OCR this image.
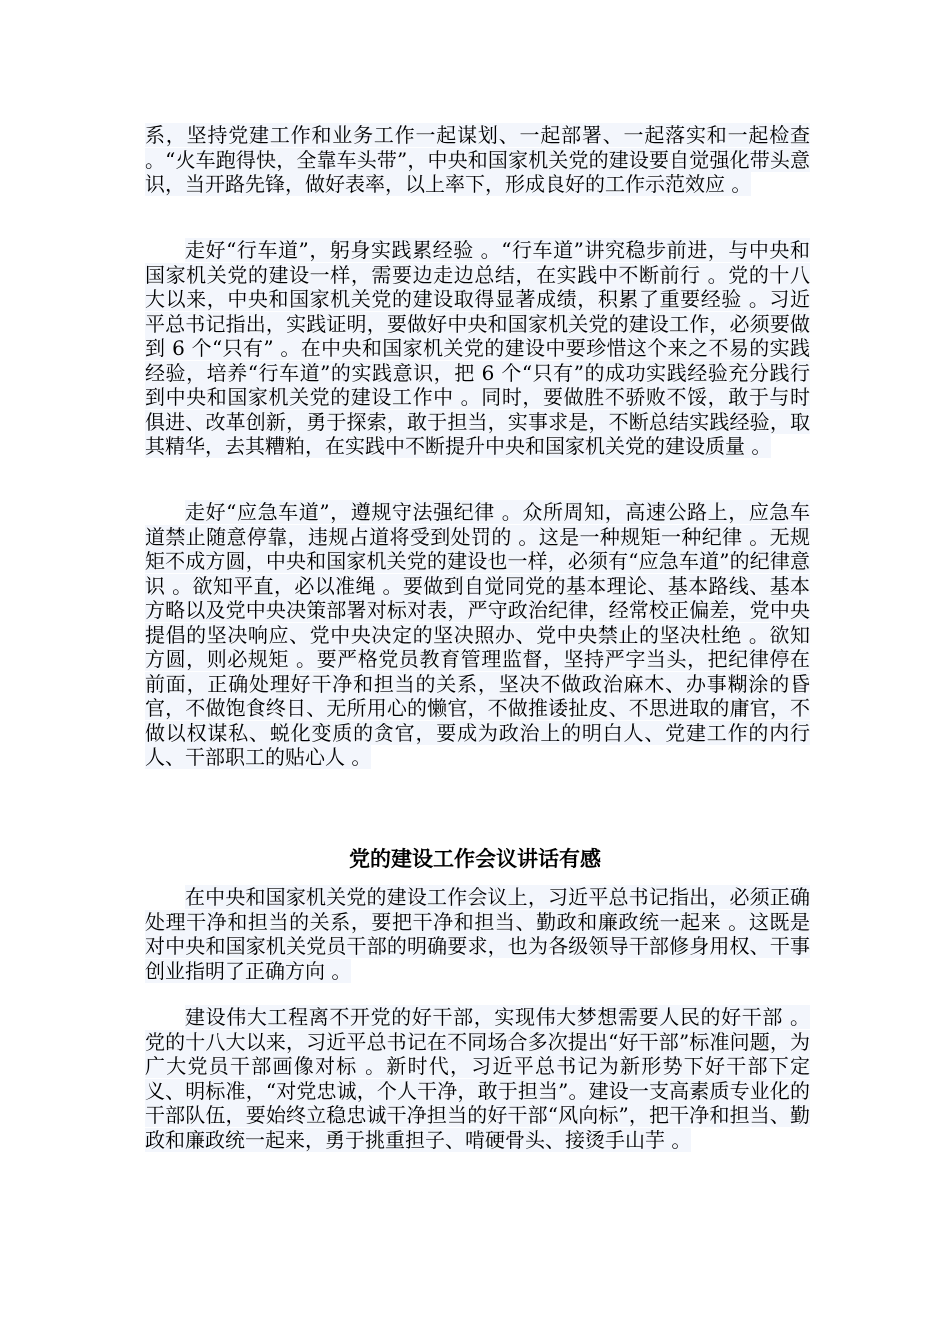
系，坚持党建工作和业务工作一起谋划、一起部署、一起落实和一起检查 。“火车跑得快，全靠车头带”，中央和国家机关党的建设要自觉强化带头意识，当开路先锋，做好表率，以上率下，形成良好的工作示范效应 。
走好“行车道”，躬身实践累经验 。“行车道”讲究稳步前进，与中央和国家机关党的建设一样，需要边走边总结，在实践中不断前行 。党的十八大以来，中央和国家机关党的建设取得显著成绩，积累了重要经验 。习近平总书记指出，实践证明，要做好中央和国家机关党的建设工作，必须要做到 6 个“只有” 。在中央和国家机关党的建设中要珍惜这个来之不易的实践经验，培养“行车道”的实践意识，把 6 个“只有”的成功实践经验充分践行到中央和国家机关党的建设工作中 。同时，要做胜不骄败不馁，敢于与时俱进、改革创新，勇于探索，敢于担当，实事求是，不断总结实践经验，取其精华，去其糟粕，在实践中不断提升中央和国家机关党的建设质量 。
走好“应急车道”，遵规守法强纪律 。众所周知，高速公路上，应急车道禁止随意停靠，违规占道将受到处罚的 。这是一种规矩一种纪律 。无规矩不成方圆，中央和国家机关党的建设也一样，必须有“应急车道”的纪律意识 。欲知平直，必以准绳 。要做到自觉同党的基本理论、基本路线、基本方略以及党中央决策部署对标对表，严守政治纪律，经常校正偏差，党中央提倡的坚决响应、党中央决定的坚决照办、党中央禁止的坚决杜绝 。欲知方圆，则必规矩 。要严格党员教育管理监督，坚持严字当头，把纪律停在前面，正确处理好干净和担当的关系，坚决不做政治麻木、办事糊涂的昏官，不做饱食终日、无所用心的懒官，不做推诿扯皮、不思进取的庸官，不做以权谋私、蜕化变质的贪官，要成为政治上的明白人、党建工作的内行人、干部职工的贴心人 。
党的建设工作会议讲话有感
在中央和国家机关党的建设工作会议上，习近平总书记指出，必须正确处理干净和担当的关系，要把干净和担当、勤政和廉政统一起来 。这既是对中央和国家机关党员干部的明确要求，也为各级领导干部修身用权、干事创业指明了正确方向 。
建设伟大工程离不开党的好干部，实现伟大梦想需要人民的好干部 。党的十八大以来，习近平总书记在不同场合多次提出“好干部”标准问题，为广大党员干部画像对标 。新时代，习近平总书记为新形势下好干部下定义、明标准，“对党忠诚，个人干净，敢于担当”。建设一支高素质专业化的干部队伍，要始终立稳忠诚干净担当的好干部“风向标”，把干净和担当、勤政和廉政统一起来，勇于挑重担子、啃硬骨头、接烫手山芋 。
